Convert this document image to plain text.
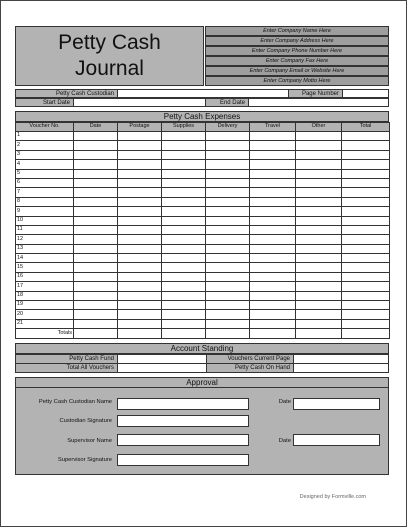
Petty Cash
Journal
Enter Company Name Here
Enter Company Address Here
Enter Company Phone Number Here
Enter Company Fax Here
Enter Company Email or Website Here
Enter Company Motto Here
Petty Cash Custodian	Page Number
Start Date	End Date
Petty Cash Expenses
Voucher No.	Date	Postage	Supplies	Delivery	Travel	Other	Total
1							
2							
3							
4							
5							
6							
7							
8							
9							
10							
11							
12							
13							
14							
15							
16							
17							
18							
19							
20							
21							
Totals							
Account Standing
Petty Cash Fund	Vouchers Current Page
Total All Vouchers	Petty Cash On Hand
Approval
Petty Cash Custodian Name	Date
Custodian Signature
Supervisor Name	Date
Supervisor Signature
Designed by Formville.com
